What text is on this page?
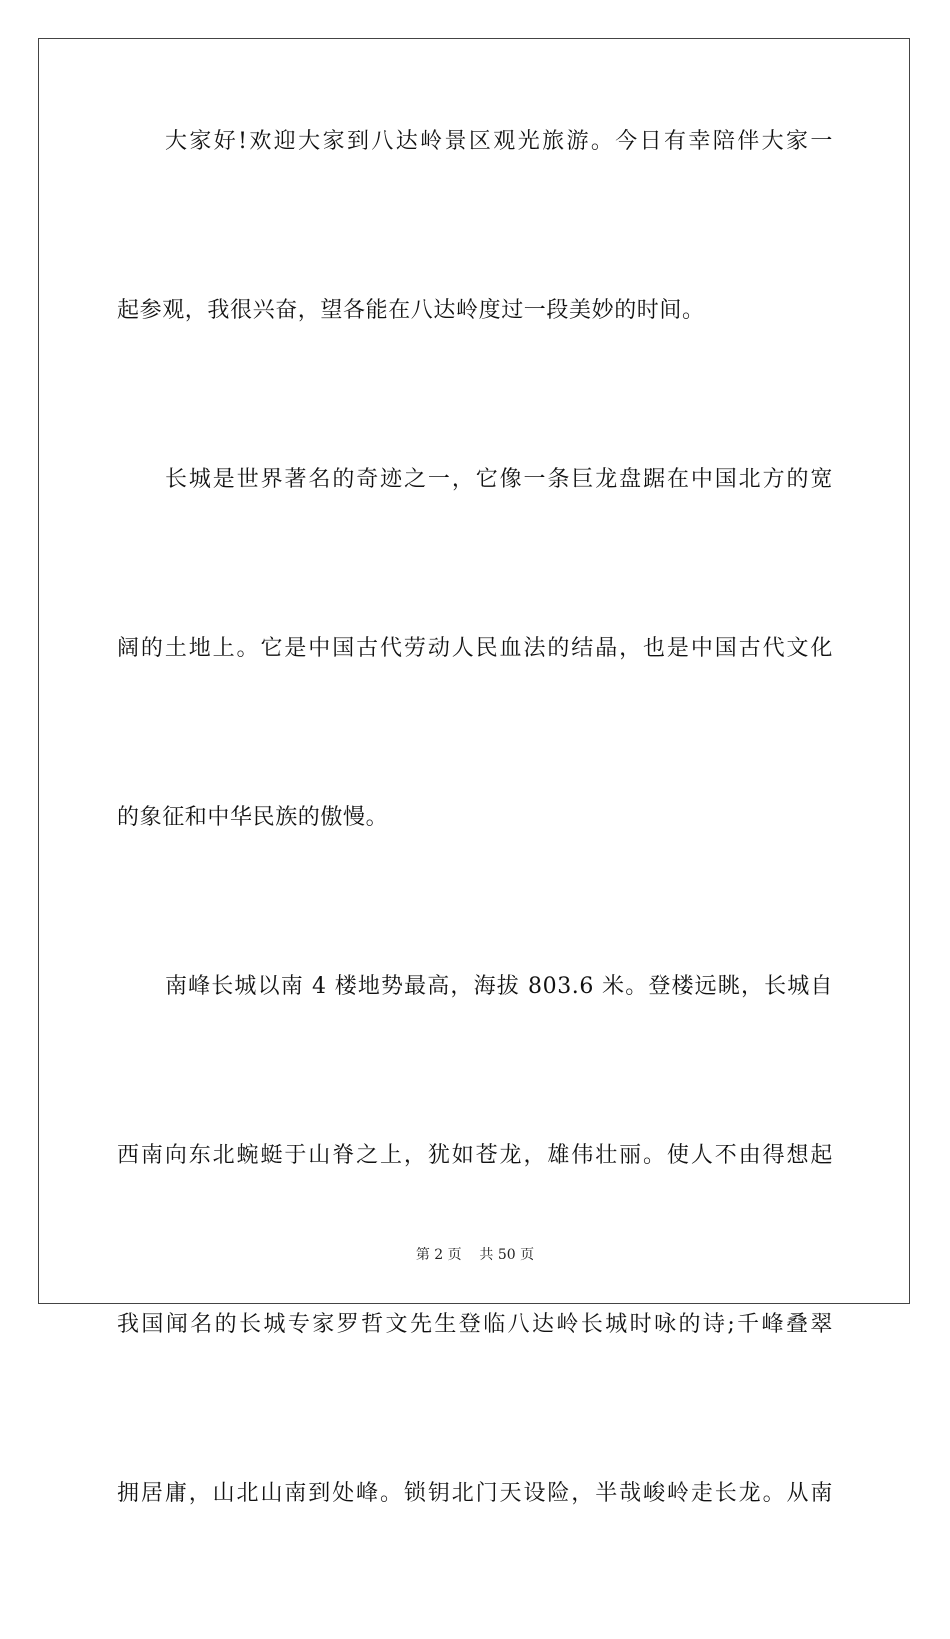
大家好!欢迎大家到八达岭景区观光旅游。今日有幸陪伴大家一
起参观，我很兴奋，望各能在八达岭度过一段美妙的时间。
长城是世界著名的奇迹之一，它像一条巨龙盘踞在中国北方的宽
阔的土地上。它是中国古代劳动人民血法的结晶，也是中国古代文化
的象征和中华民族的傲慢。
南峰长城以南 4 楼地势最高，海拔 803.6 米。登楼远眺，长城自
西南向东北蜿蜓于山脊之上，犹如苍龙，雄伟壮丽。使人不由得想起
我国闻名的长城专家罗哲文先生登临八达岭长城时咏的诗;千峰叠翠
拥居庸，山北山南到处峰。锁钥北门天设险，半哉峻岭走长龙。从南
第 2 页    共 50 页
